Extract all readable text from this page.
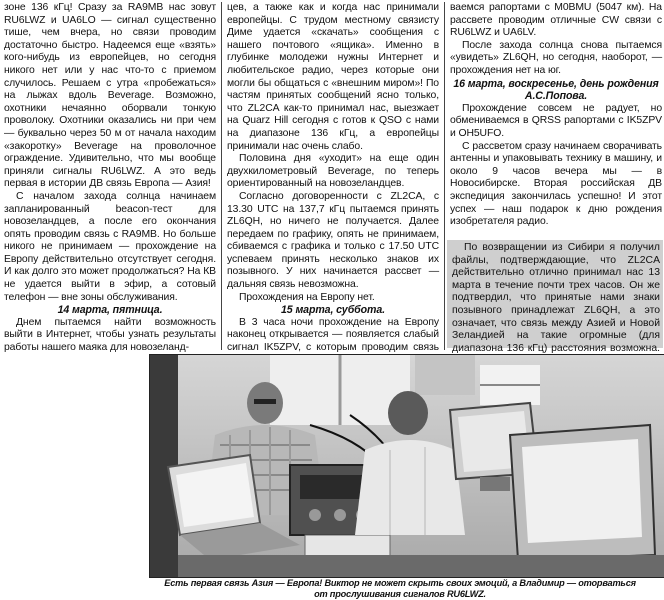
зоне 136 кГц! Сразу за RA9MB нас зовут RU6LWZ и UA6LO — сигнал существенно тише, чем вчера, но связи проводим достаточно быстро. Надеемся еще «взять» кого-нибудь из европейцев, но сегодня никого нет или у нас что-то с приемом случилось. Решаем с утра «пробежаться» на лыжах вдоль Beverage. Возможно, охотники нечаянно оборвали тонкую проволоку. Охотники оказались ни при чем — буквально через 50 м от начала находим «закоротку» Beverage на проволочное ограждение. Удивительно, что мы вообще приняли сигналы RU6LWZ. А это ведь первая в истории ДВ связь Европа — Азия!

С началом захода солнца начинаем запланированный beacon-тест для новозеландцев, а после его окончания опять проводим связь с RA9MB. Но больше никого не принимаем — прохождение на Европу действительно отсутствует сегодня. И как долго это может продолжаться? На КВ не удается выйти в эфир, а сотовый телефон — вне зоны обслуживания.

14 марта, пятница.

Днем пытаемся найти возможность выйти в Интернет, чтобы узнать результаты работы нашего маяка для новозеланд-

цев, а также как и когда нас принимали европейцы. С трудом местному связисту Диме удается «скачать» сообщения с нашего почтового «ящика». Именно в глубинке молодежи нужны Интернет и любительское радио, через которые они могли бы общаться с «внешним миром»! По частям принятых сообщений ясно только, что ZL2CA как-то принимал нас, выезжает на Quarz Hill сегодня с готов к QSO с нами на диапазоне 136 кГц, а европейцы принимали нас очень слабо.

Половина дня «уходит» на еще один двухкилометровый Beverage, по теперь ориентированный на новозеландцев.

Согласно договоренности с ZL2CA, с 13.30 UTC на 137,7 кГц пытаемся принять ZL6QH, но ничего не получается. Далее передаем по графику, опять не принимаем, сбиваемся с графика и только с 17.50 UTC успеваем принять несколько знаков их позывного. У них начинается рассвет — дальняя связь невозможна.

Прохождения на Европу нет.

15 марта, суббота.

В 3 часа ночи прохождение на Европу наконец открывается — появляется слабый сигнал IK5ZPV, с которым проводим связь

ваемся рапортами с M0BMU (5047 км). На рассвете проводим отличные CW связи с RU6LWZ и UA6LV.

После захода солнца снова пытаемся «увидеть» ZL6QH, но сегодня, наоборот, — прохождения нет на юг.

16 марта, воскресенье, день рождения А.С.Попова.

Прохождение совсем не радует, но обмениваемся в QRSS рапортами с IK5ZPV и OH5UFO.

С рассветом сразу начинаем сворачивать антенны и упаковывать технику в машину, и около 9 часов вечера мы — в Новосибирске. Вторая российская ДВ экспедиция закончилась успешно! И этот успех — наш подарок к дню рождения изобретателя радио.

По возвращении из Сибири я получил файлы, подтверждающие, что ZL2CA действительно отлично принимал нас 13 марта в течение почти трех часов. Он же подтвердил, что принятые нами знаки позывного принадлежат ZL6QH, а это означает, что связь между Азией и Новой Зеландией на такие огромные (для диапазона 136 кГц) расстояния возможна.

Есть первая связь Азия — Европа! Виктор не может скрыть своих эмоций, а Владимир — оторваться от прослушивания сигналов RU6LWZ.
